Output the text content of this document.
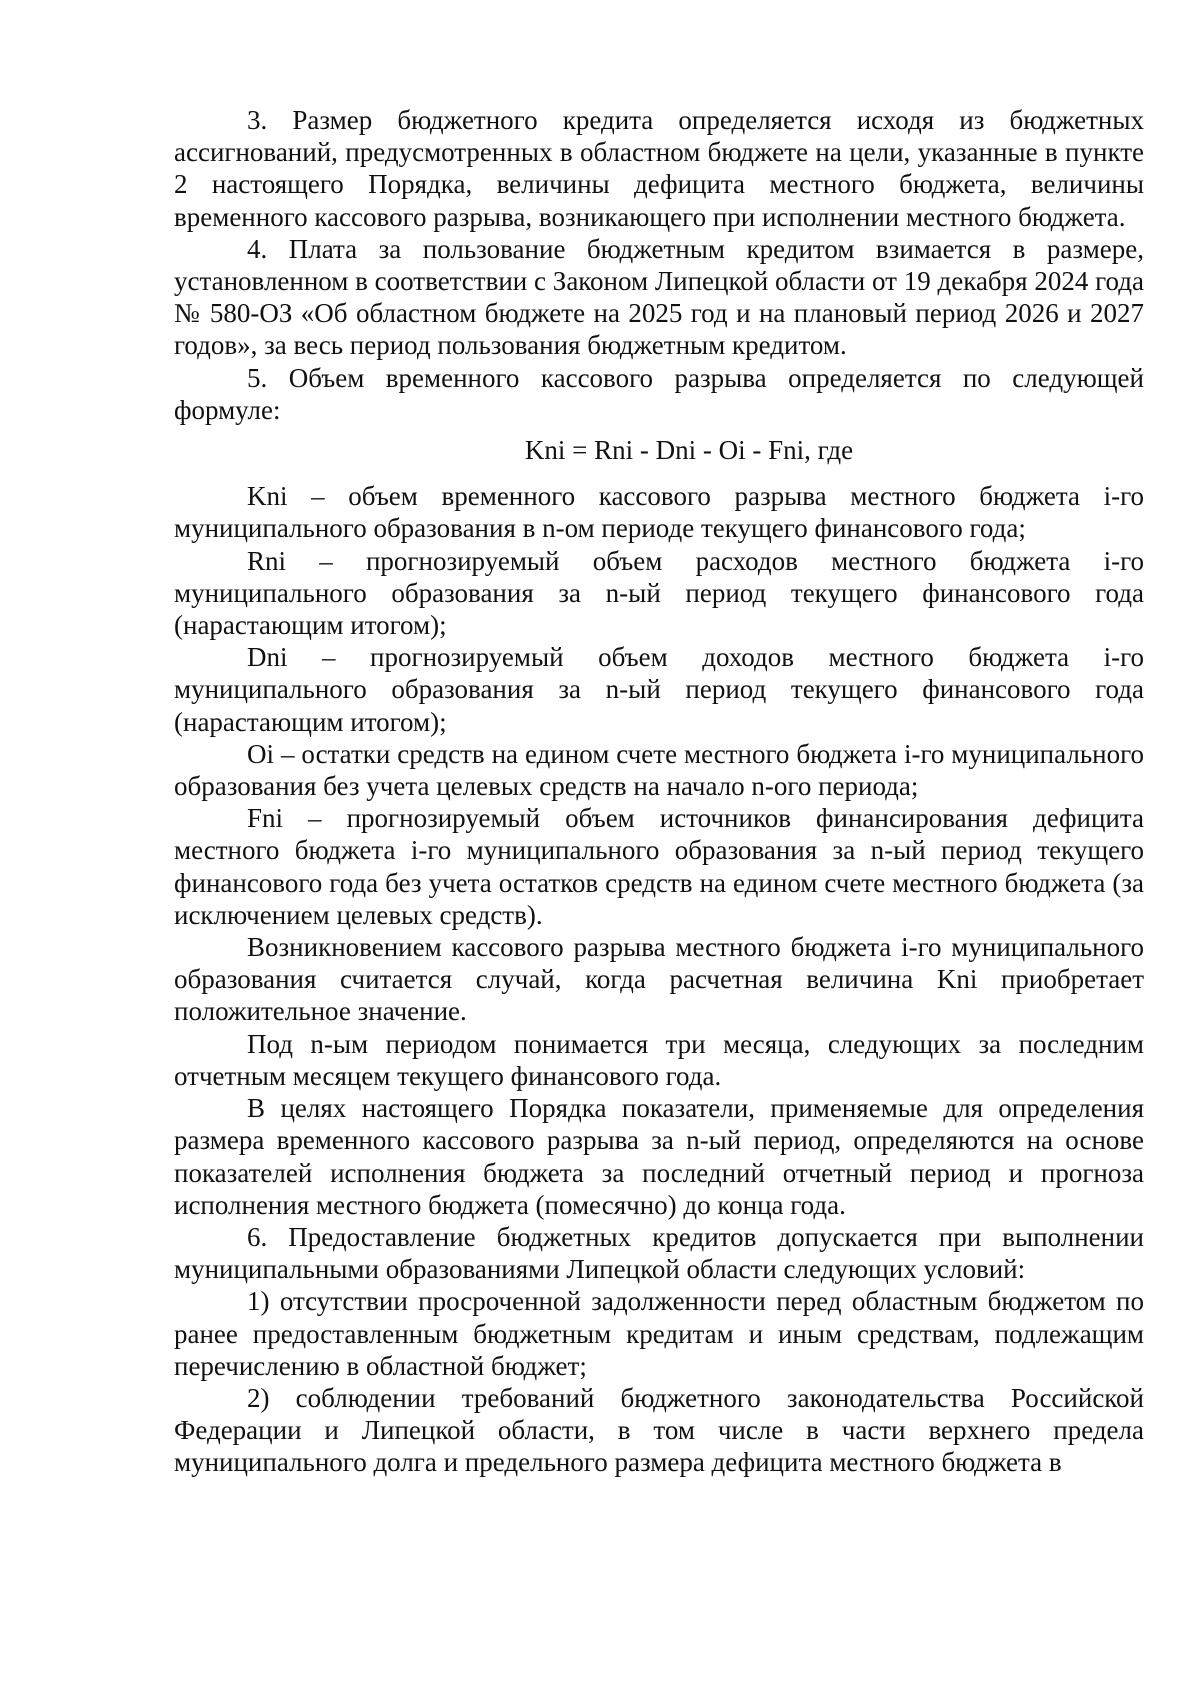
3. Размер бюджетного кредита определяется исходя из бюджетных ассигнований, предусмотренных в областном бюджете на цели, указанные в пункте 2 настоящего Порядка, величины дефицита местного бюджета, величины временного кассового разрыва, возникающего при исполнении местного бюджета.

4. Плата за пользование бюджетным кредитом взимается в размере, установленном в соответствии с Законом Липецкой области от 19 декабря 2024 года № 580-ОЗ «Об областном бюджете на 2025 год и на плановый период 2026 и 2027 годов», за весь период пользования бюджетным кредитом.

5. Объем временного кассового разрыва определяется по следующей формуле:

Kni = Rni - Dni - Oi - Fni, где

Kni – объем временного кассового разрыва местного бюджета i-го муниципального образования в n-ом периоде текущего финансового года;

Rni – прогнозируемый объем расходов местного бюджета i-го муниципального образования за n-ый период текущего финансового года (нарастающим итогом);

Dni – прогнозируемый объем доходов местного бюджета i-го муниципального образования за n-ый период текущего финансового года (нарастающим итогом);

Oi – остатки средств на едином счете местного бюджета i-го муниципального образования без учета целевых средств на начало n-ого периода;

Fni – прогнозируемый объем источников финансирования дефицита местного бюджета i-го муниципального образования за n-ый период текущего финансового года без учета остатков средств на едином счете местного бюджета (за исключением целевых средств).

Возникновением кассового разрыва местного бюджета i-го муниципального образования считается случай, когда расчетная величина Kni приобретает положительное значение.

Под n-ым периодом понимается три месяца, следующих за последним отчетным месяцем текущего финансового года.

В целях настоящего Порядка показатели, применяемые для определения размера временного кассового разрыва за n-ый период, определяются на основе показателей исполнения бюджета за последний отчетный период и прогноза исполнения местного бюджета (помесячно) до конца года.

6. Предоставление бюджетных кредитов допускается при выполнении муниципальными образованиями Липецкой области следующих условий:

1) отсутствии просроченной задолженности перед областным бюджетом по ранее предоставленным бюджетным кредитам и иным средствам, подлежащим перечислению в областной бюджет;

2) соблюдении требований бюджетного законодательства Российской Федерации и Липецкой области, в том числе в части верхнего предела муниципального долга и предельного размера дефицита местного бюджета в
